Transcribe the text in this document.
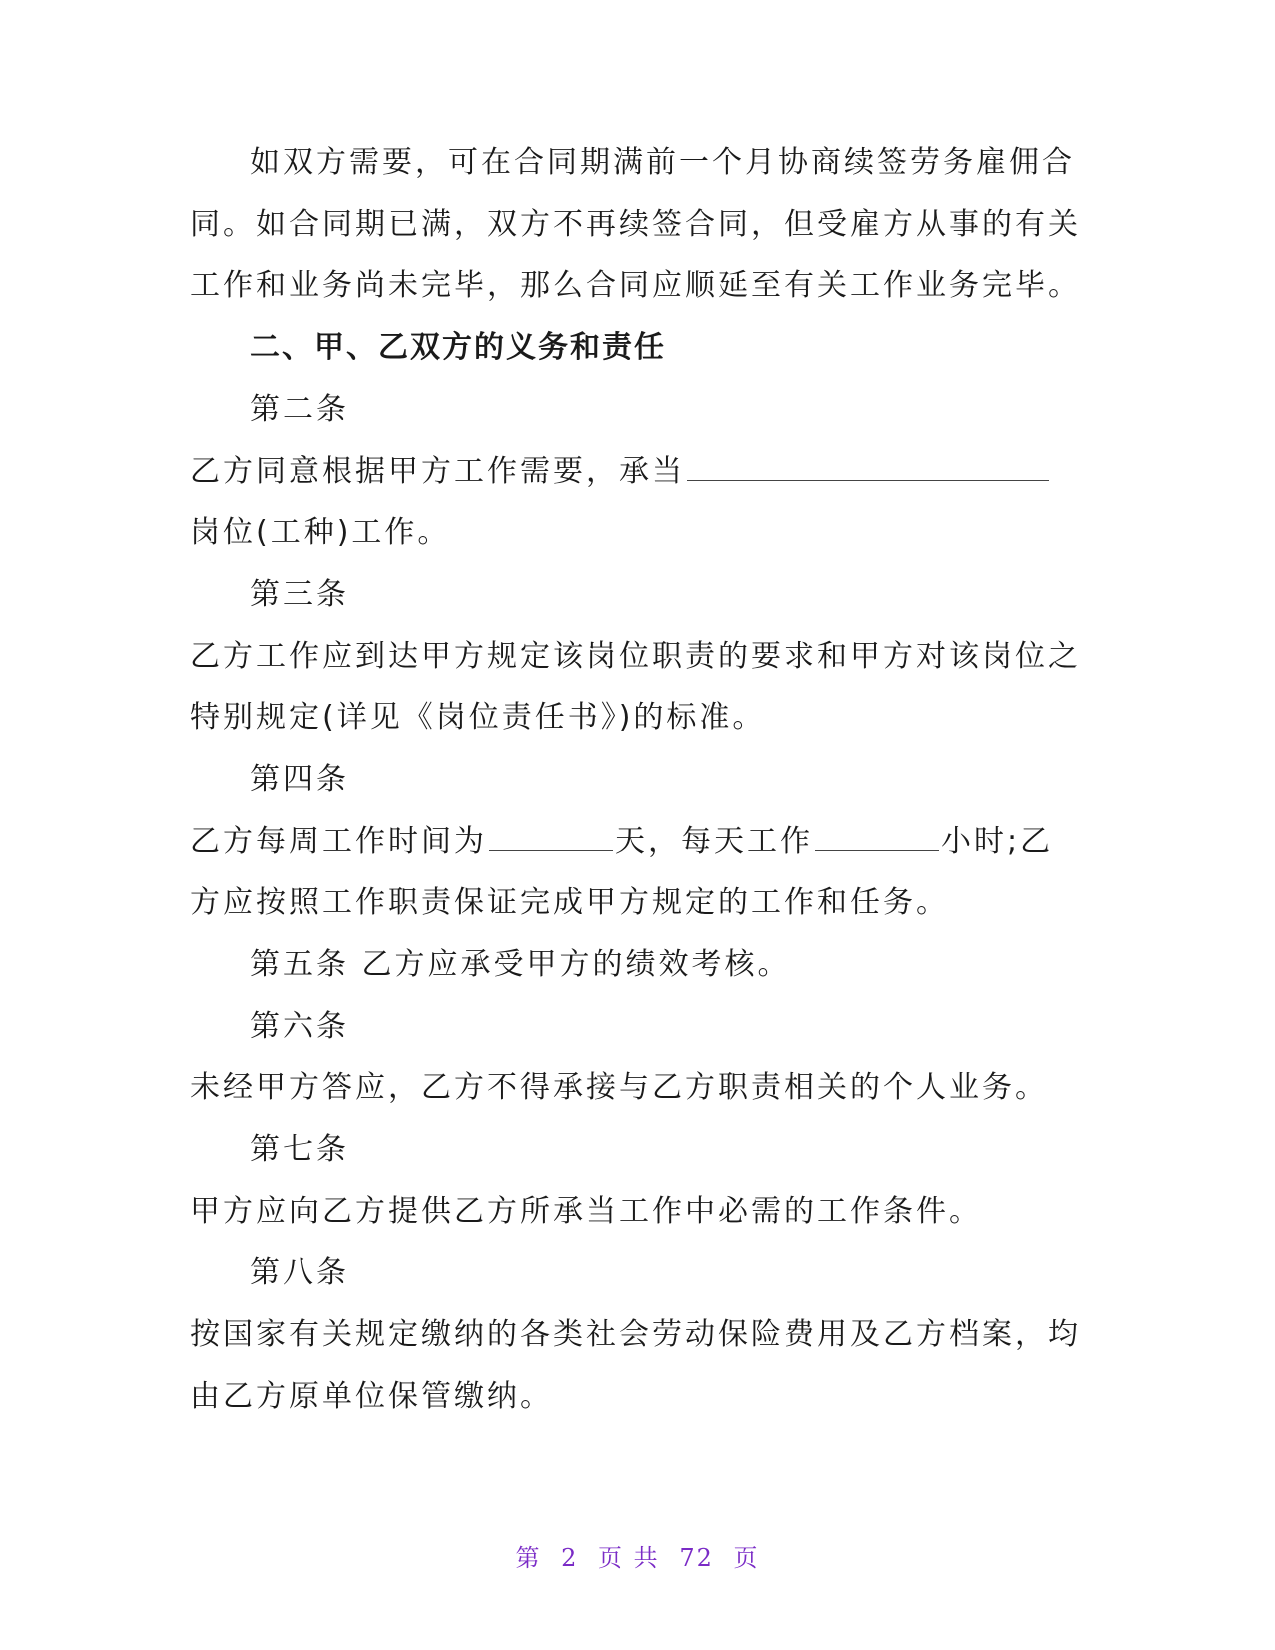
如双方需要，可在合同期满前一个月协商续签劳务雇佣合
同。如合同期已满，双方不再续签合同，但受雇方从事的有关
工作和业务尚未完毕，那么合同应顺延至有关工作业务完毕。
二、甲、乙双方的义务和责任
第二条
乙方同意根据甲方工作需要，承当
岗位(工种)工作。
第三条
乙方工作应到达甲方规定该岗位职责的要求和甲方对该岗位之
特别规定(详见《岗位责任书》)的标准。
第四条
乙方每周工作时间为	天，每天工作	小时;乙
方应按照工作职责保证完成甲方规定的工作和任务。
第五条 乙方应承受甲方的绩效考核。
第六条
未经甲方答应，乙方不得承接与乙方职责相关的个人业务。
第七条
甲方应向乙方提供乙方所承当工作中必需的工作条件。
第八条
按国家有关规定缴纳的各类社会劳动保险费用及乙方档案，均
由乙方原单位保管缴纳。
第 2 页 共 72 页
